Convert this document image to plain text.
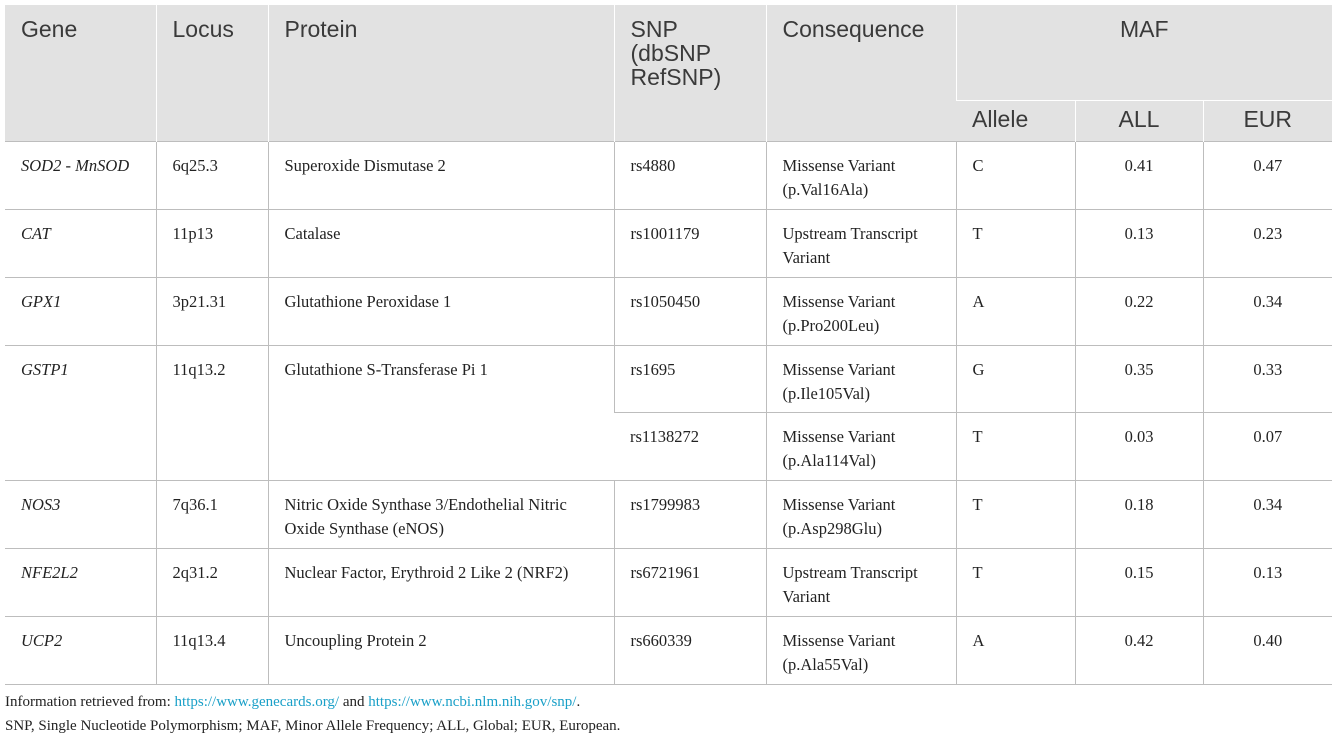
Gene	Locus	Protein	SNP (dbSNP RefSNP)	Consequence	MAF		
					Allele	ALL	EUR
SOD2 - MnSOD	6q25.3	Superoxide Dismutase 2	rs4880	Missense Variant (p.Val16Ala)	C	0.41	0.47
CAT	11p13	Catalase	rs1001179	Upstream Transcript Variant	T	0.13	0.23
GPX1	3p21.31	Glutathione Peroxidase 1	rs1050450	Missense Variant (p.Pro200Leu)	A	0.22	0.34
GSTP1	11q13.2	Glutathione S-Transferase Pi 1	rs1695	Missense Variant (p.Ile105Val)	G	0.35	0.33
			rs1138272	Missense Variant (p.Ala114Val)	T	0.03	0.07
NOS3	7q36.1	Nitric Oxide Synthase 3/Endothelial Nitric Oxide Synthase (eNOS)	rs1799983	Missense Variant (p.Asp298Glu)	T	0.18	0.34
NFE2L2	2q31.2	Nuclear Factor, Erythroid 2 Like 2 (NRF2)	rs6721961	Upstream Transcript Variant	T	0.15	0.13
UCP2	11q13.4	Uncoupling Protein 2	rs660339	Missense Variant (p.Ala55Val)	A	0.42	0.40
Information retrieved from: https://www.genecards.org/ and https://www.ncbi.nlm.nih.gov/snp/.
SNP, Single Nucleotide Polymorphism; MAF, Minor Allele Frequency; ALL, Global; EUR, European.
